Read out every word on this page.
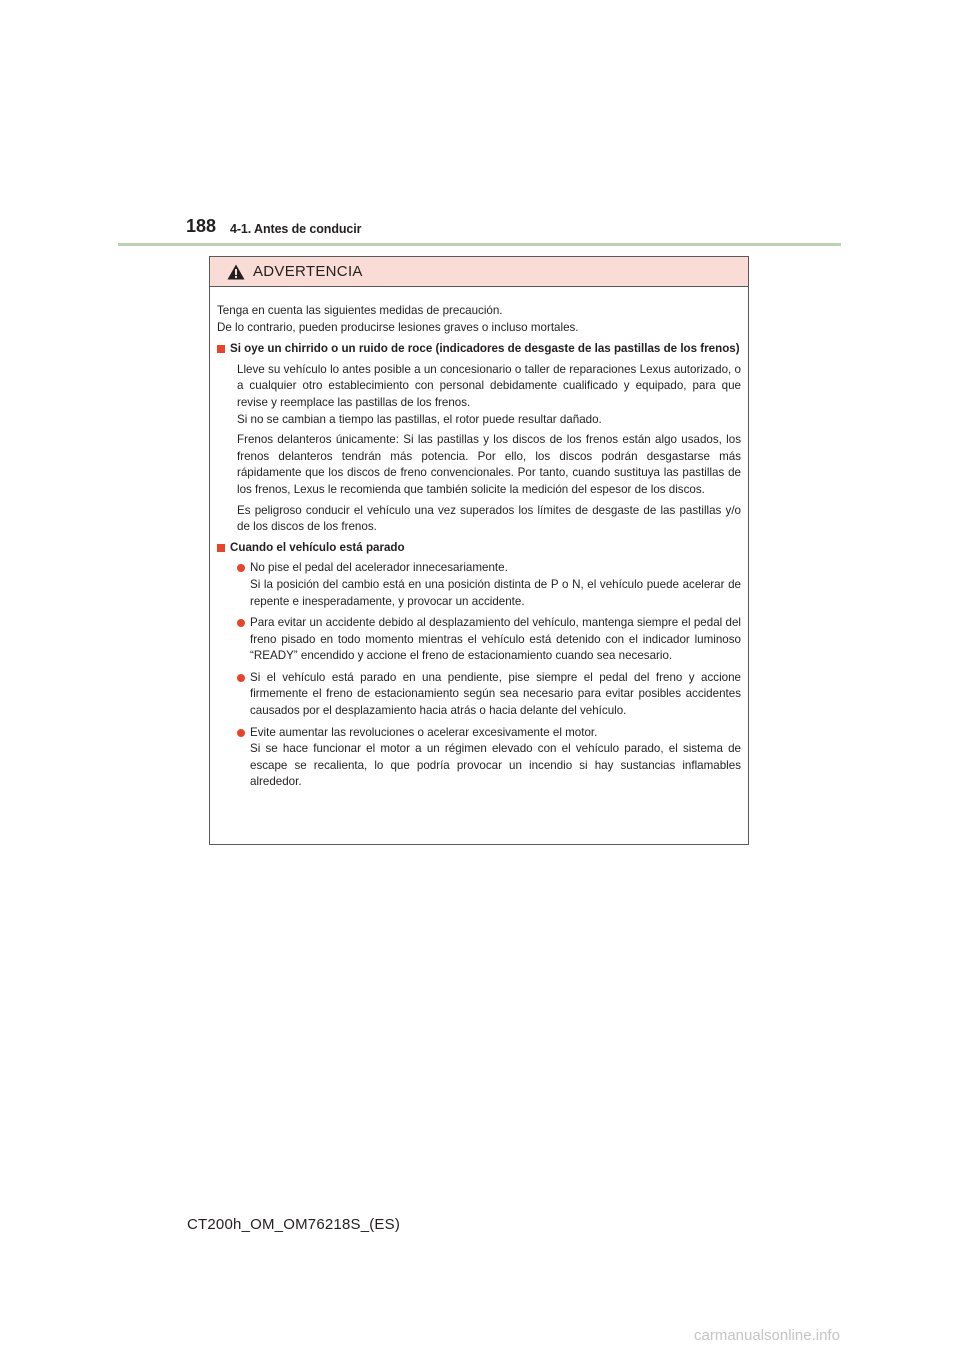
188 4-1. Antes de conducir
ADVERTENCIA

Tenga en cuenta las siguientes medidas de precaución.
De lo contrario, pueden producirse lesiones graves o incluso mortales.

Si oye un chirrido o un ruido de roce (indicadores de desgaste de las pastillas de los frenos)

Lleve su vehículo lo antes posible a un concesionario o taller de reparaciones Lexus autorizado, o a cualquier otro establecimiento con personal debidamente cualificado y equipado, para que revise y reemplace las pastillas de los frenos.
Si no se cambian a tiempo las pastillas, el rotor puede resultar dañado.

Frenos delanteros únicamente: Si las pastillas y los discos de los frenos están algo usados, los frenos delanteros tendrán más potencia. Por ello, los discos podrán desgastarse más rápidamente que los discos de freno convencionales. Por tanto, cuando sustituya las pastillas de los frenos, Lexus le recomienda que también solicite la medición del espesor de los discos.

Es peligroso conducir el vehículo una vez superados los límites de desgaste de las pastillas y/o de los discos de los frenos.

Cuando el vehículo está parado
No pise el pedal del acelerador innecesariamente.
Si la posición del cambio está en una posición distinta de P o N, el vehículo puede acelerar de repente e inesperadamente, y provocar un accidente.
Para evitar un accidente debido al desplazamiento del vehículo, mantenga siempre el pedal del freno pisado en todo momento mientras el vehículo está detenido con el indicador luminoso “READY” encendido y accione el freno de estacionamiento cuando sea necesario.
Si el vehículo está parado en una pendiente, pise siempre el pedal del freno y accione firmemente el freno de estacionamiento según sea necesario para evitar posibles accidentes causados por el desplazamiento hacia atrás o hacia delante del vehículo.
Evite aumentar las revoluciones o acelerar excesivamente el motor.
Si se hace funcionar el motor a un régimen elevado con el vehículo parado, el sistema de escape se recalienta, lo que podría provocar un incendio si hay sustancias inflamables alrededor.
CT200h_OM_OM76218S_(ES)
carmanualsonline.info
